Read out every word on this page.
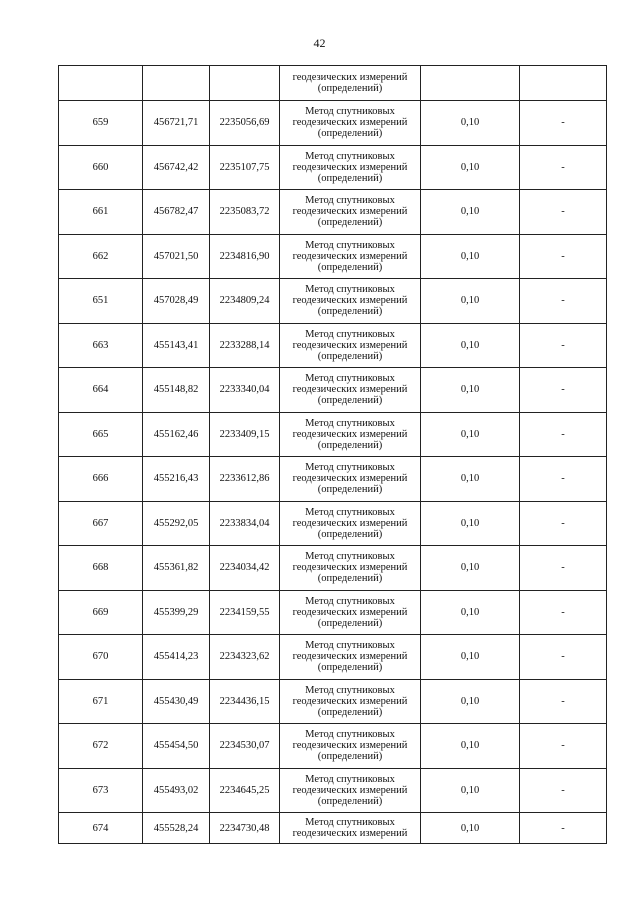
42

			геодезических измерений
(определений)		

659	456721,71	2235056,69	Метод спутниковых
геодезических измерений
(определений)	0,10	-
660	456742,42	2235107,75	Метод спутниковых
геодезических измерений
(определений)	0,10	-
661	456782,47	2235083,72	Метод спутниковых
геодезических измерений
(определений)	0,10	-
662	457021,50	2234816,90	Метод спутниковых
геодезических измерений
(определений)	0,10	-
651	457028,49	2234809,24	Метод спутниковых
геодезических измерений
(определений)	0,10	-
663	455143,41	2233288,14	Метод спутниковых
геодезических измерений
(определений)	0,10	-
664	455148,82	2233340,04	Метод спутниковых
геодезических измерений
(определений)	0,10	-
665	455162,46	2233409,15	Метод спутниковых
геодезических измерений
(определений)	0,10	-
666	455216,43	2233612,86	Метод спутниковых
геодезических измерений
(определений)	0,10	-
667	455292,05	2233834,04	Метод спутниковых
геодезических измерений
(определений)	0,10	-
668	455361,82	2234034,42	Метод спутниковых
геодезических измерений
(определений)	0,10	-
669	455399,29	2234159,55	Метод спутниковых
геодезических измерений
(определений)	0,10	-
670	455414,23	2234323,62	Метод спутниковых
геодезических измерений
(определений)	0,10	-
671	455430,49	2234436,15	Метод спутниковых
геодезических измерений
(определений)	0,10	-
672	455454,50	2234530,07	Метод спутниковых
геодезических измерений
(определений)	0,10	-
673	455493,02	2234645,25	Метод спутниковых
геодезических измерений
(определений)	0,10	-
674	455528,24	2234730,48	Метод спутниковых
геодезических измерений	0,10	-
